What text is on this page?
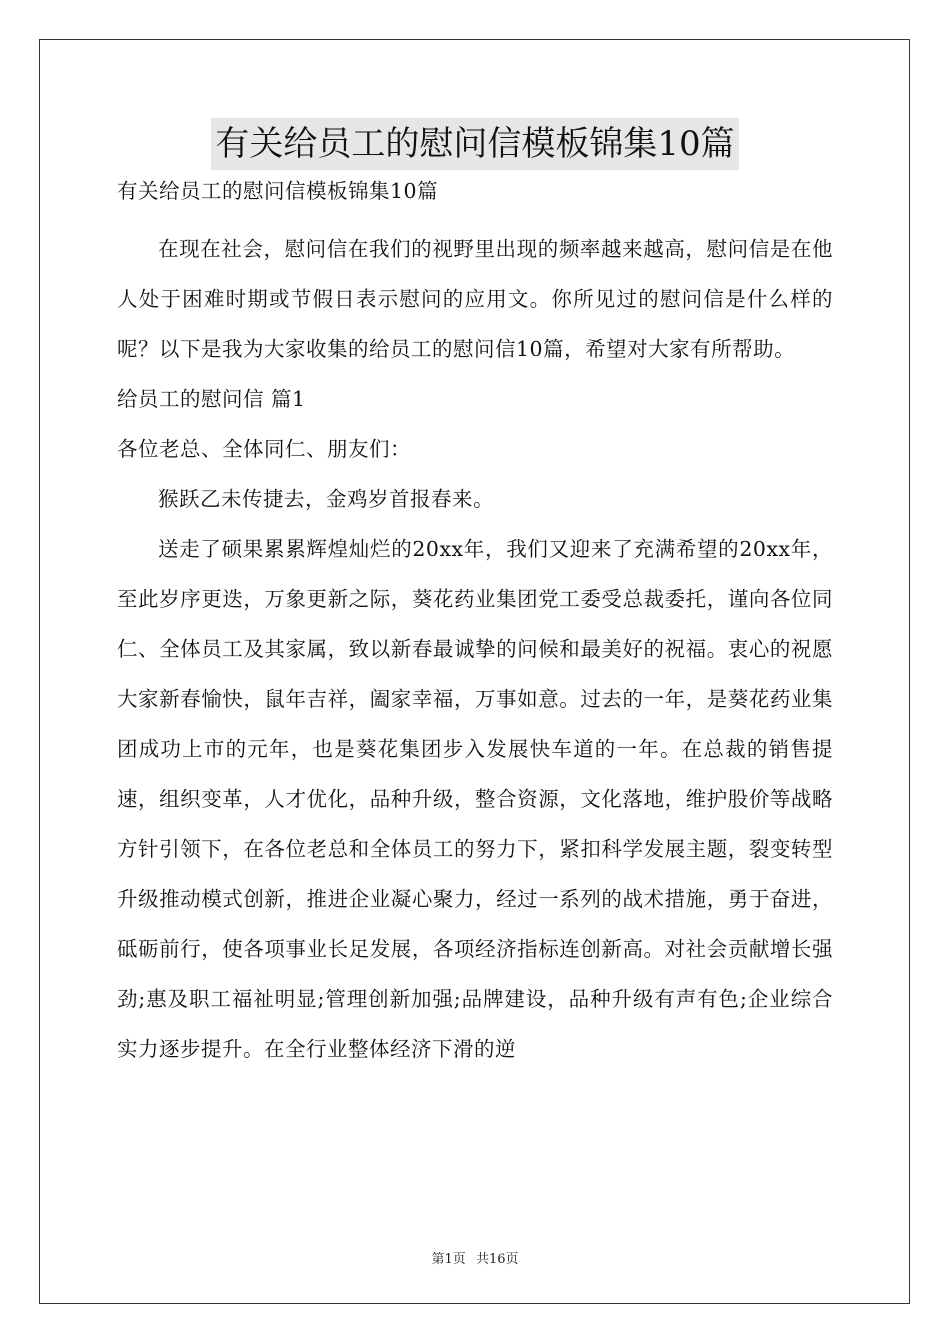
有关给员工的慰问信模板锦集10篇

有关给员工的慰问信模板锦集10篇

在现在社会，慰问信在我们的视野里出现的频率越来越高，慰问信是在他人处于困难时期或节假日表示慰问的应用文。你所见过的慰问信是什么样的呢？以下是我为大家收集的给员工的慰问信10篇，希望对大家有所帮助。

给员工的慰问信 篇1

各位老总、全体同仁、朋友们：

猴跃乙未传捷去，金鸡岁首报春来。

送走了硕果累累辉煌灿烂的20xx年，我们又迎来了充满希望的20xx年，至此岁序更迭，万象更新之际，葵花药业集团党工委受总裁委托，谨向各位同仁、全体员工及其家属，致以新春最诚挚的问候和最美好的祝福。衷心的祝愿大家新春愉快，鼠年吉祥，阖家幸福，万事如意。过去的一年，是葵花药业集团成功上市的元年，也是葵花集团步入发展快车道的一年。在总裁的销售提速，组织变革，人才优化，品种升级，整合资源，文化落地，维护股价等战略方针引领下，在各位老总和全体员工的努力下，紧扣科学发展主题，裂变转型升级推动模式创新，推进企业凝心聚力，经过一系列的战术措施，勇于奋进，砥砺前行，使各项事业长足发展，各项经济指标连创新高。对社会贡献增长强劲;惠及职工福祉明显;管理创新加强;品牌建设，品种升级有声有色;企业综合实力逐步提升。在全行业整体经济下滑的逆

第1页 共16页
